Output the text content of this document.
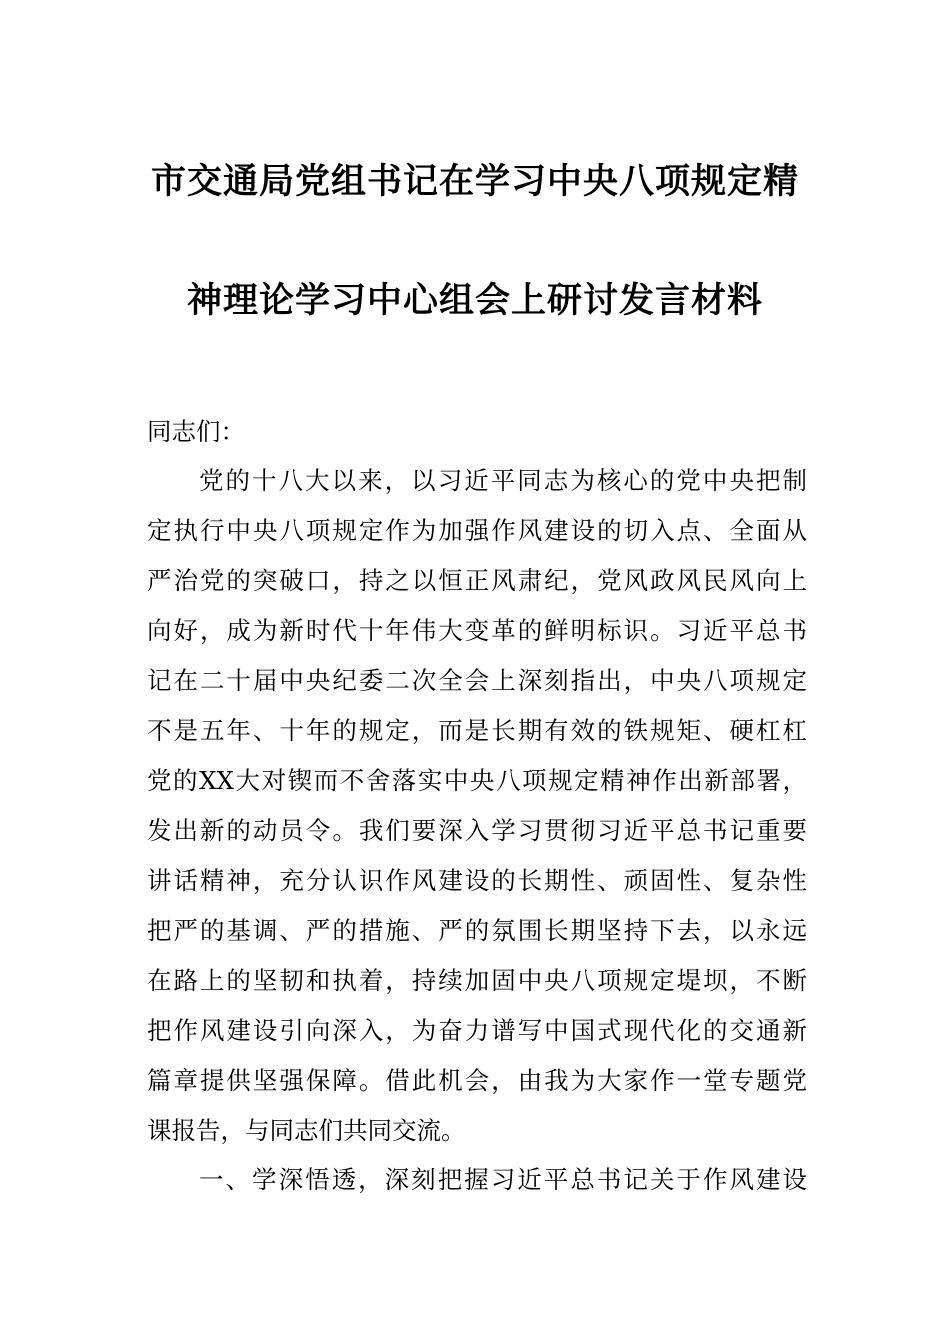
市交通局党组书记在学习中央八项规定精
神理论学习中心组会上研讨发言材料
同志们：
党的十八大以来，以习近平同志为核心的党中央把制
定执行中央八项规定作为加强作风建设的切入点、全面从
严治党的突破口，持之以恒正风肃纪，党风政风民风向上
向好，成为新时代十年伟大变革的鲜明标识。习近平总书
记在二十届中央纪委二次全会上深刻指出，中央八项规定
不是五年、十年的规定，而是长期有效的铁规矩、硬杠杠
党的XX大对锲而不舍落实中央八项规定精神作出新部署，
发出新的动员令。我们要深入学习贯彻习近平总书记重要
讲话精神，充分认识作风建设的长期性、顽固性、复杂性
把严的基调、严的措施、严的氛围长期坚持下去，以永远
在路上的坚韧和执着，持续加固中央八项规定堤坝，不断
把作风建设引向深入，为奋力谱写中国式现代化的交通新
篇章提供坚强保障。借此机会，由我为大家作一堂专题党
课报告，与同志们共同交流。
一、学深悟透，深刻把握习近平总书记关于作风建设
